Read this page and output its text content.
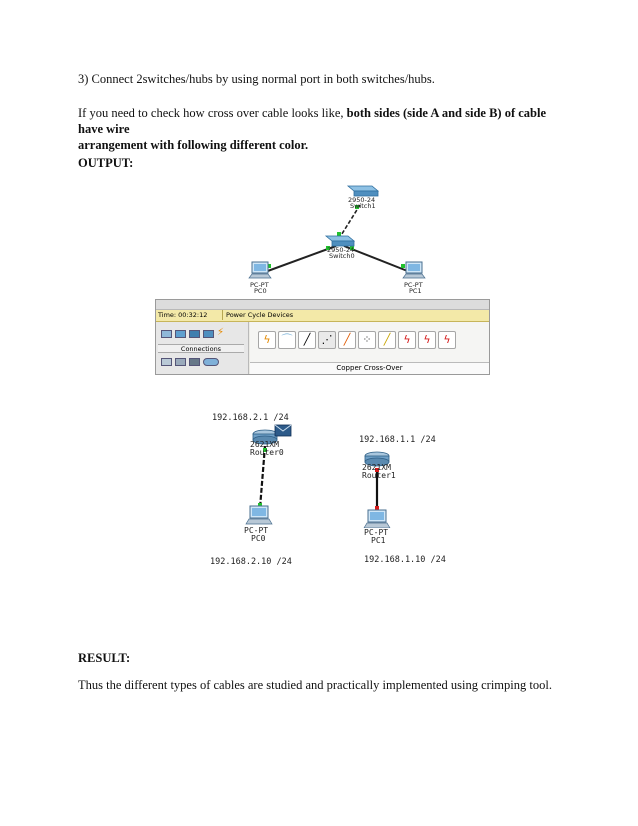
3) Connect 2switches/hubs by using normal port in both switches/hubs.

If you need to check how cross over cable looks like, both sides (side A and side B) of cable have wire
arrangement with following different color.

OUTPUT:

2950-24
Switch1
2950-24
Switch0
PC-PT
PC0
PC-PT
PC1
Time: 00:32:12	Power Cycle Devices
⚡
Connections
ϟ ⌒	╱	⋰	╱	⁘	╱	ϟ	ϟ	ϟ
Copper Cross-Over
192.168.2.1 /24
2621XM
Router0
PC-PT
PC0
192.168.2.10 /24
192.168.1.1 /24
2621XM
Router1
PC-PT
PC1
192.168.1.10 /24

RESULT:

Thus the different types of cables are studied and practically implemented using crimping tool.
